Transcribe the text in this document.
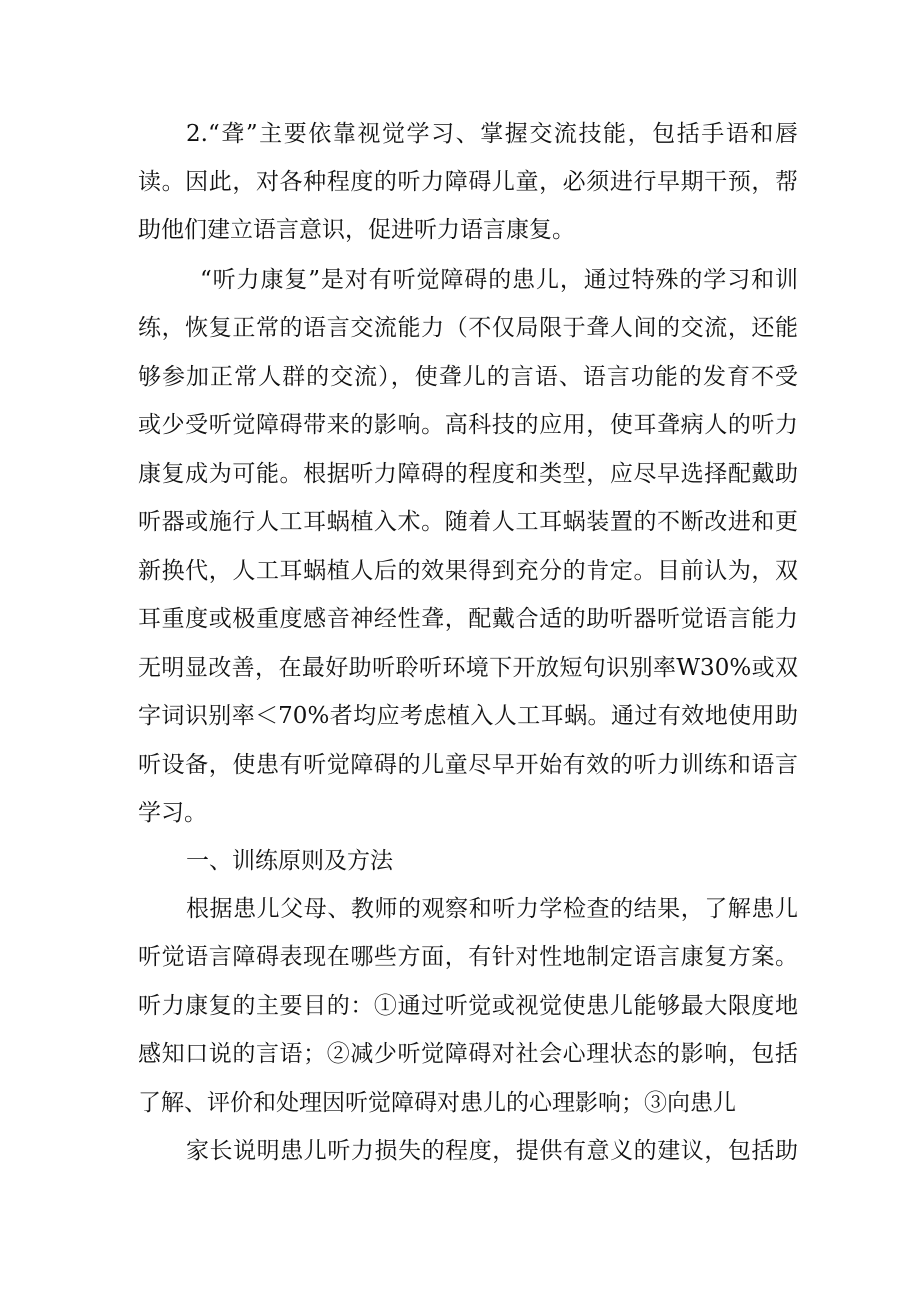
2.“聋”主要依靠视觉学习、掌握交流技能，包括手语和唇
读。因此，对各种程度的听力障碍儿童，必须进行早期干预，帮
助他们建立语言意识，促进听力语言康复。
“听力康复”是对有听觉障碍的患儿，通过特殊的学习和训
练，恢复正常的语言交流能力（不仅局限于聋人间的交流，还能
够参加正常人群的交流），使聋儿的言语、语言功能的发育不受
或少受听觉障碍带来的影响。高科技的应用，使耳聋病人的听力
康复成为可能。根据听力障碍的程度和类型，应尽早选择配戴助
听器或施行人工耳蜗植入术。随着人工耳蜗装置的不断改进和更
新换代，人工耳蜗植人后的效果得到充分的肯定。目前认为，双
耳重度或极重度感音神经性聋，配戴合适的助听器听觉语言能力
无明显改善，在最好助听聆听环境下开放短句识别率W30%或双
字词识别率＜70%者均应考虑植入人工耳蜗。通过有效地使用助
听设备，使患有听觉障碍的儿童尽早开始有效的听力训练和语言
学习。
一、训练原则及方法
根据患儿父母、教师的观察和听力学检查的结果，了解患儿
听觉语言障碍表现在哪些方面，有针对性地制定语言康复方案。
听力康复的主要目的：①通过听觉或视觉使患儿能够最大限度地
感知口说的言语；②减少听觉障碍对社会心理状态的影响，包括
了解、评价和处理因听觉障碍对患儿的心理影响；③向患儿
家长说明患儿听力损失的程度，提供有意义的建议，包括助
